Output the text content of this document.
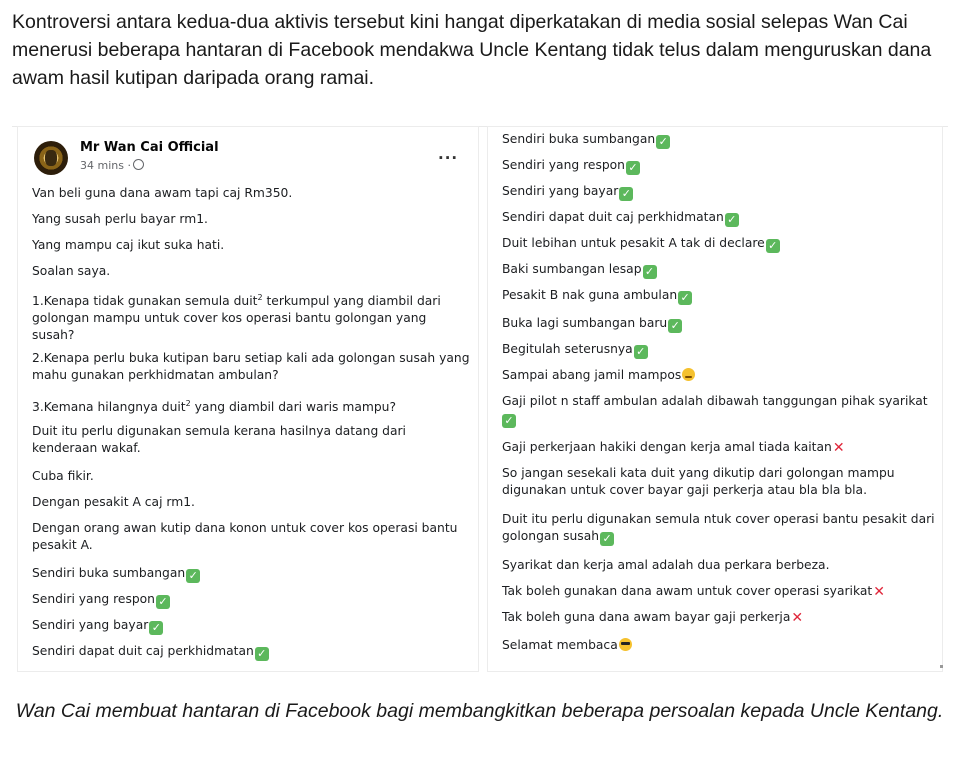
Kontroversi antara kedua-dua aktivis tersebut kini hangat diperkatakan di media sosial selepas Wan Cai menerusi beberapa hantaran di Facebook mendakwa Uncle Kentang tidak telus dalam menguruskan dana awam hasil kutipan daripada orang ramai.

Mr Wan Cai Official
34 mins ·
...

Van beli guna dana awam tapi caj Rm350.

Yang susah perlu bayar rm1.

Yang mampu caj ikut suka hati.

Soalan saya.

1.Kenapa tidak gunakan semula duit$^2$ terkumpul yang diambil dari golongan mampu untuk cover kos operasi bantu golongan yang susah?

2.Kenapa perlu buka kutipan baru setiap kali ada golongan susah yang mahu gunakan perkhidmatan ambulan?

3.Kemana hilangnya duit$^2$ yang diambil dari waris mampu?

Duit itu perlu digunakan semula kerana hasilnya datang dari kenderaan wakaf.

Cuba fikir.

Dengan pesakit A caj rm1.

Dengan orang awan kutip dana konon untuk cover kos operasi bantu pesakit A.

Sendiri buka sumbangan ✓

Sendiri yang respon ✓

Sendiri yang bayar ✓

Sendiri dapat duit caj perkhidmatan ✓

Sendiri buka sumbangan ✓

Sendiri yang respon ✓

Sendiri yang bayar ✓

Sendiri dapat duit caj perkhidmatan ✓

Duit lebihan untuk pesakit A tak di declare ✓

Baki sumbangan lesap ✓

Pesakit B nak guna ambulan ✓

Buka lagi sumbangan baru ✓

Begitulah seterusnya ✓

Sampai abang jamil mampos

Gaji pilot n staff ambulan adalah dibawah tanggungan pihak syarikat
✓

Gaji perkerjaan hakiki dengan kerja amal tiada kaitan✕

So jangan sesekali kata duit yang dikutip dari golongan mampu digunakan untuk cover bayar gaji perkerja atau bla bla bla.

Duit itu perlu digunakan semula ntuk cover operasi bantu pesakit dari golongan susah ✓

Syarikat dan kerja amal adalah dua perkara berbeza.

Tak boleh gunakan dana awam untuk cover operasi syarikat✕

Tak boleh guna dana awam bayar gaji perkerja✕

Selamat membaca

Wan Cai membuat hantaran di Facebook bagi membangkitkan beberapa persoalan kepada Uncle Kentang.
